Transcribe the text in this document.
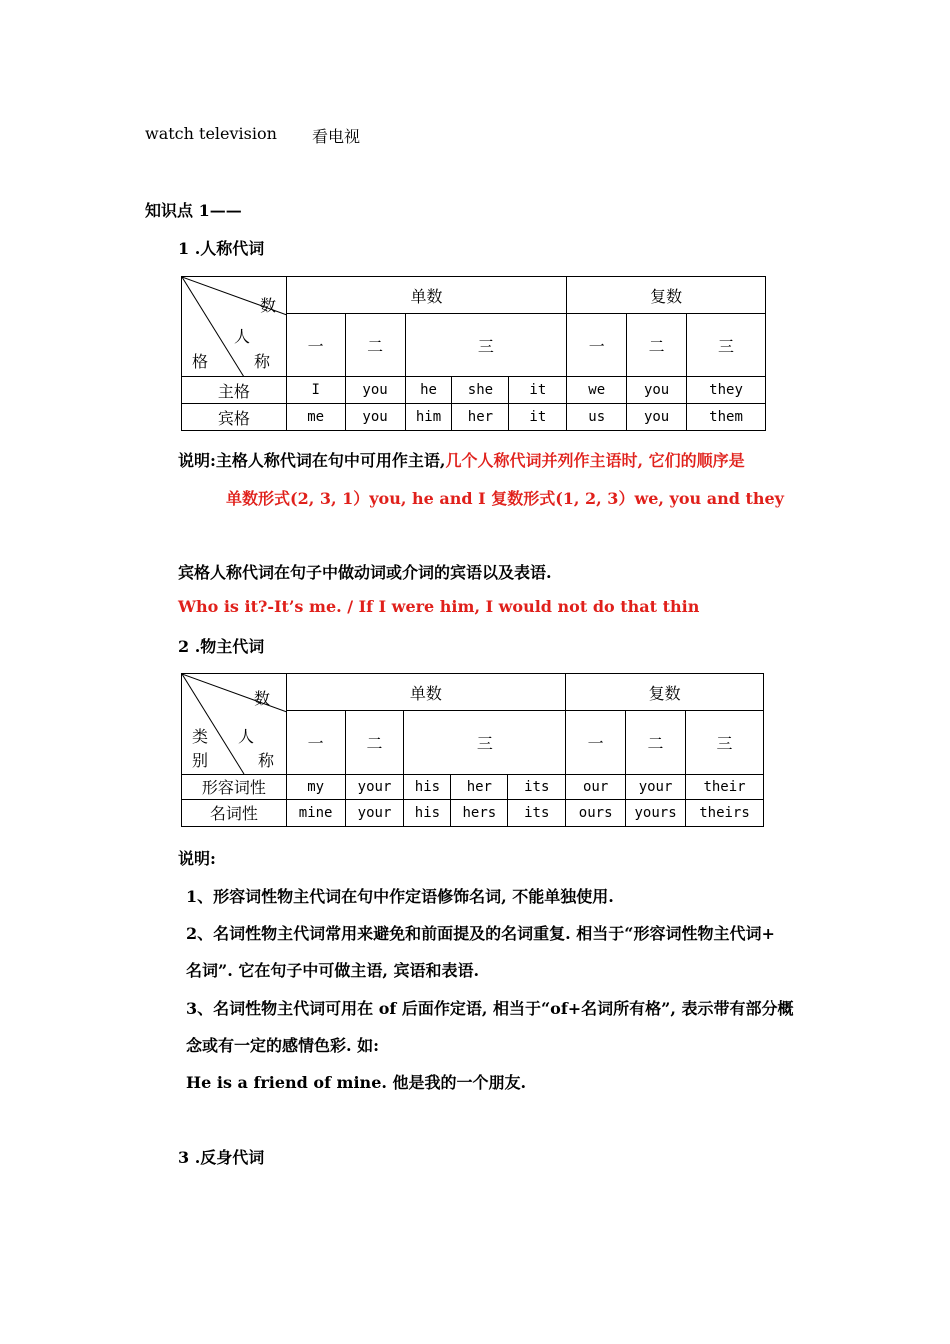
watch television 看电视
知识点 1——
1 .人称代词
数
人
称
格	单数					复数		
	一	二	三			一	二	三
主格	I	you	he	she	it	we	you	they
宾格	me	you	him	her	it	us	you	them
说明:主格人称代词在句中可用作主语,几个人称代词并列作主语时, 它们的顺序是
单数形式(2, 3, 1）you, he and I 复数形式(1, 2, 3）we, you and they
宾格人称代词在句子中做动词或介词的宾语以及表语.
Who is it?-It’s me. / If I were him, I would not do that thin
2 .物主代词
数
类 人
别 称	单数					复数		
	一	二	三			一	二	三
形容词性	my	your	his	her	its	our	your	their
名词性	mine	your	his	hers	its	ours	yours	theirs
说明:
1、形容词性物主代词在句中作定语修饰名词, 不能单独使用.
2、名词性物主代词常用来避免和前面提及的名词重复. 相当于“形容词性物主代词+
名词”. 它在句子中可做主语, 宾语和表语.
3、名词性物主代词可用在 of 后面作定语, 相当于“of+名词所有格”, 表示带有部分概
念或有一定的感情色彩. 如:
He is a friend of mine. 他是我的一个朋友.
3 .反身代词
